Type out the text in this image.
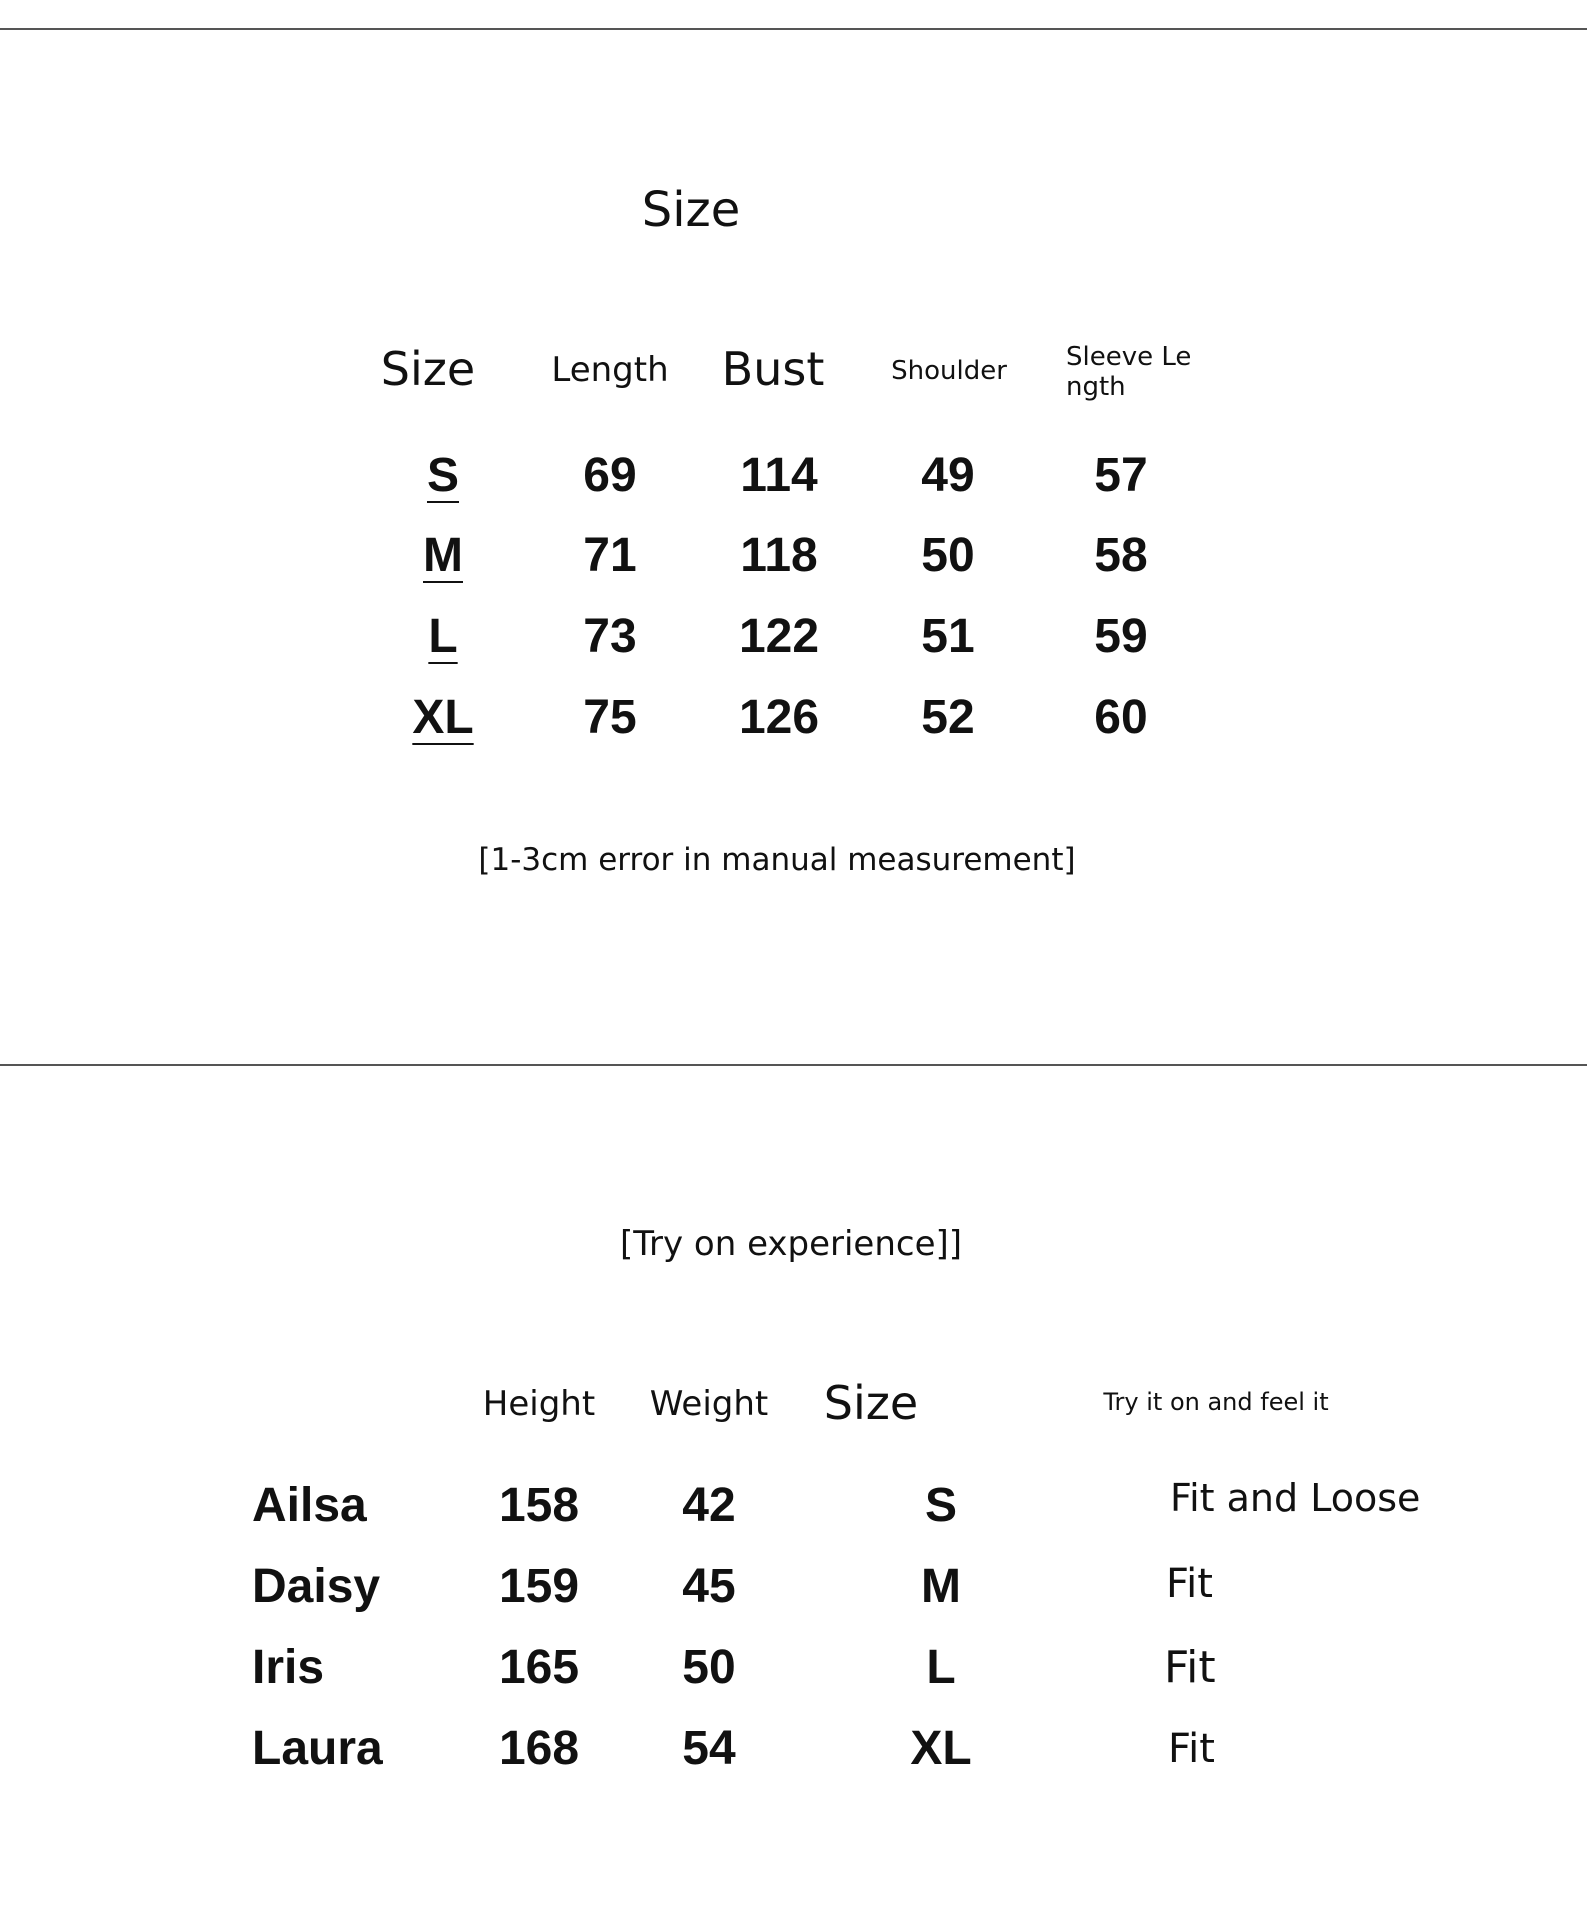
Size
Size Length Bust	Shoulder Sleeve Le
ngth
S	69 114 49 57
M	71 118 50 58
L	73 122 51 59
XL 75 126 52 60
[1-3cm error in manual measurement]
[Try on experience]]
Height Weight Size	Try it on and feel it
Ailsa	158 42	S	Fit and Loose
Daisy 159 45	M	Fit
Iris	165 50	L	Fit
Laura 168 54	XL	Fit
